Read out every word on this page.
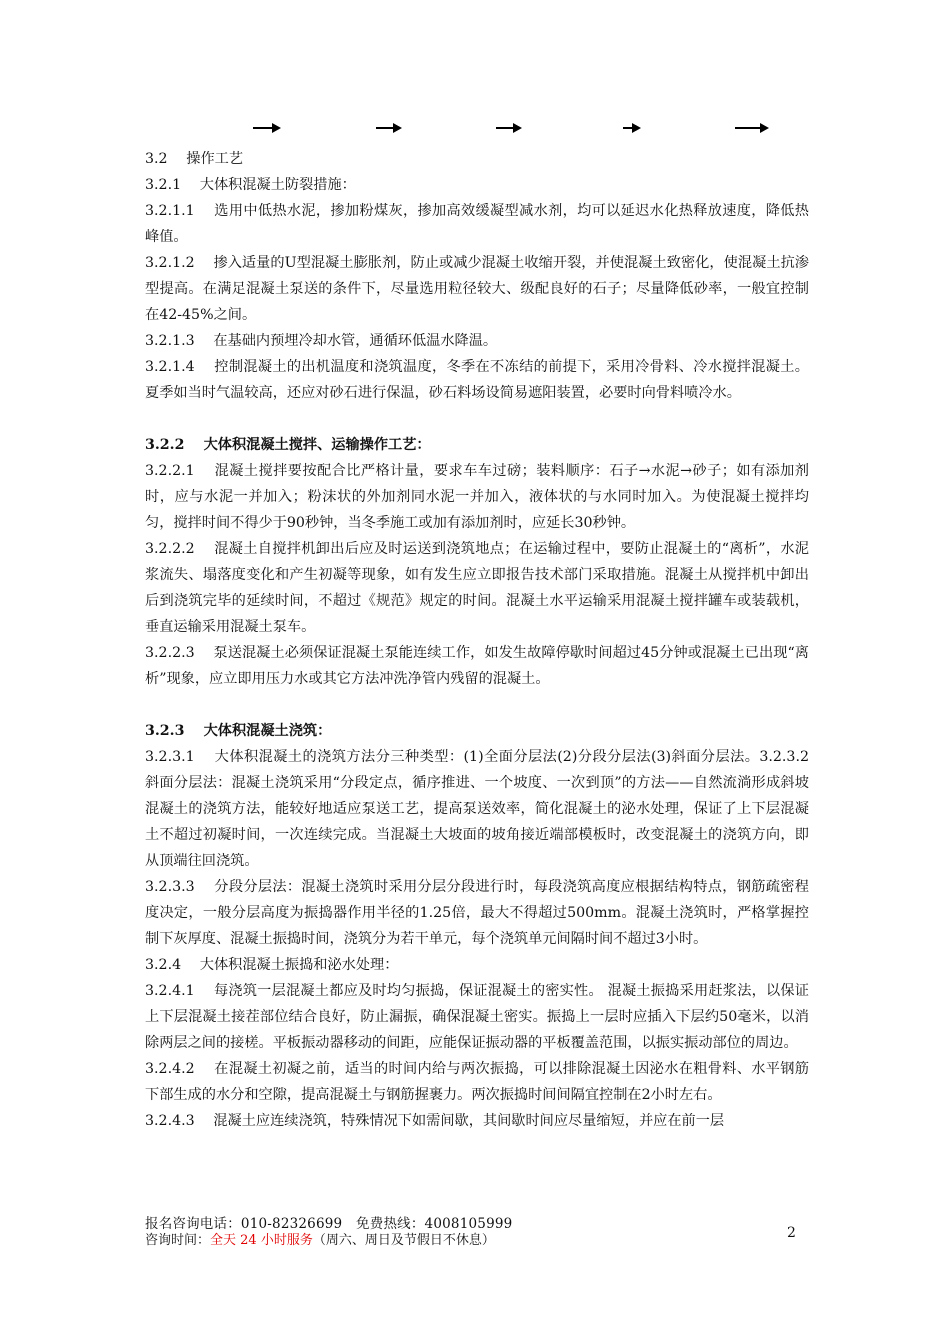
3.2　 操作工艺
3.2.1　 大体积混凝土防裂措施：
3.2.1.1　 选用中低热水泥，掺加粉煤灰，掺加高效缓凝型减水剂，均可以延迟水化热释放速度，降低热峰值。
3.2.1.2　 掺入适量的U型混凝土膨胀剂，防止或减少混凝土收缩开裂，并使混凝土致密化，使混凝土抗渗型提高。在满足混凝土泵送的条件下，尽量选用粒径较大、级配良好的石子；尽量降低砂率，一般宜控制在42-45%之间。
3.2.1.3　 在基础内预埋冷却水管，通循环低温水降温。
3.2.1.4　 控制混凝土的出机温度和浇筑温度，冬季在不冻结的前提下，采用冷骨料、冷水搅拌混凝土。夏季如当时气温较高，还应对砂石进行保温，砂石料场设简易遮阳装置，必要时向骨料喷冷水。
3.2.2　 大体积混凝土搅拌、运输操作工艺：
3.2.2.1　 混凝土搅拌要按配合比严格计量，要求车车过磅；装料顺序：石子→水泥→砂子；如有添加剂时，应与水泥一并加入；粉沫状的外加剂同水泥一并加入，液体状的与水同时加入。为使混凝土搅拌均匀，搅拌时间不得少于90秒钟，当冬季施工或加有添加剂时，应延长30秒钟。
3.2.2.2　 混凝土自搅拌机卸出后应及时运送到浇筑地点；在运输过程中，要防止混凝土的“离析”，水泥浆流失、塌落度变化和产生初凝等现象，如有发生应立即报告技术部门采取措施。混凝土从搅拌机中卸出后到浇筑完毕的延续时间，不超过《规范》规定的时间。混凝土水平运输采用混凝土搅拌罐车或装载机，垂直运输采用混凝土泵车。
3.2.2.3　 泵送混凝土必须保证混凝土泵能连续工作，如发生故障停歇时间超过45分钟或混凝土已出现“离析”现象，应立即用压力水或其它方法冲洗净管内残留的混凝土。
3.2.3　 大体积混凝土浇筑：
3.2.3.1　 大体积混凝土的浇筑方法分三种类型：(1)全面分层法(2)分段分层法(3)斜面分层法。3.2.3.2　 斜面分层法：混凝土浇筑采用“分段定点，循序推进、一个坡度、一次到顶”的方法——自然流淌形成斜坡混凝土的浇筑方法，能较好地适应泵送工艺，提高泵送效率，简化混凝土的泌水处理，保证了上下层混凝土不超过初凝时间，一次连续完成。当混凝土大坡面的坡角接近端部模板时，改变混凝土的浇筑方向，即从顶端往回浇筑。
3.2.3.3　 分段分层法：混凝土浇筑时采用分层分段进行时，每段浇筑高度应根据结构特点，钢筋疏密程度决定，一般分层高度为振捣器作用半径的1.25倍，最大不得超过500mm。混凝土浇筑时，严格掌握控制下灰厚度、混凝土振捣时间，浇筑分为若干单元，每个浇筑单元间隔时间不超过3小时。
3.2.4　 大体积混凝土振捣和泌水处理：
3.2.4.1　 每浇筑一层混凝土都应及时均匀振捣，保证混凝土的密实性。 混凝土振捣采用赶浆法，以保证上下层混凝土接茬部位结合良好，防止漏振，确保混凝土密实。振捣上一层时应插入下层约50毫米，以消除两层之间的接槎。平板振动器移动的间距，应能保证振动器的平板覆盖范围，以振实振动部位的周边。
3.2.4.2　 在混凝土初凝之前，适当的时间内给与两次振捣，可以排除混凝土因泌水在粗骨料、水平钢筋下部生成的水分和空隙，提高混凝土与钢筋握裹力。两次振捣时间间隔宜控制在2小时左右。
3.2.4.3　 混凝土应连续浇筑，特殊情况下如需间歇，其间歇时间应尽量缩短，并应在前一层
报名咨询电话：010-82326699　免费热线：4008105999
咨询时间：全天 24 小时服务（周六、周日及节假日不休息）	2
